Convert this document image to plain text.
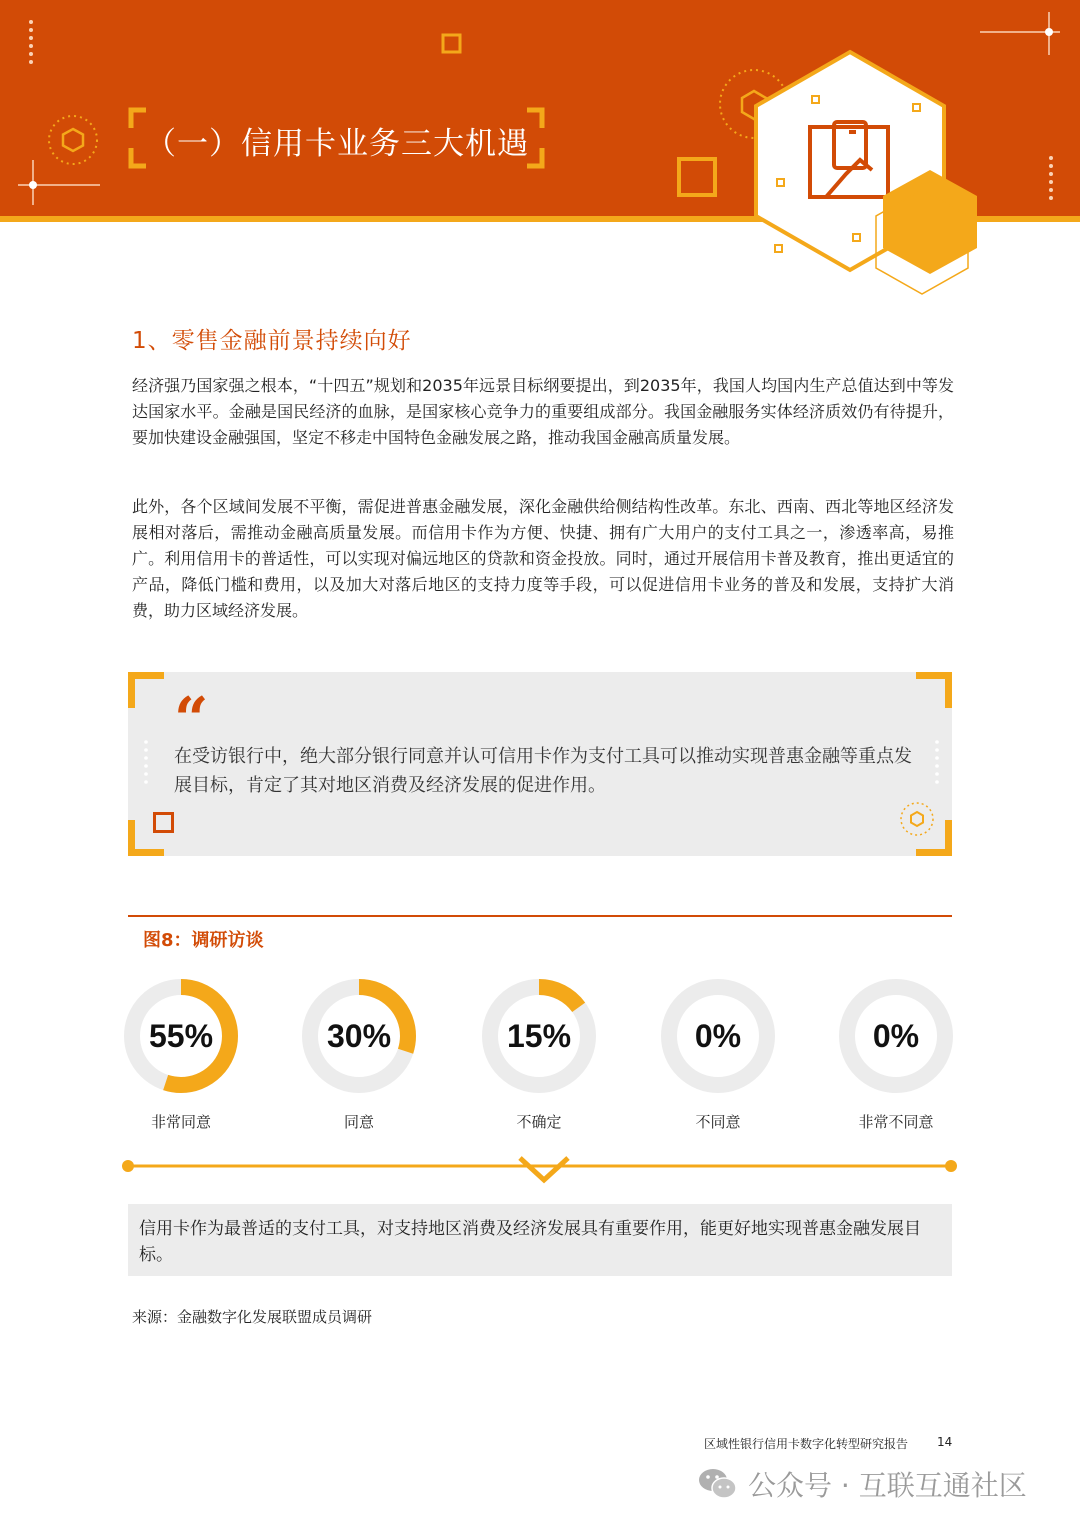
（一）信用卡业务三大机遇
1、零售金融前景持续向好

经济强乃国家强之根本，“十四五”规划和2035年远景目标纲要提出，到2035年，我国人均国内生产总值达到中等发达国家水平。金融是国民经济的血脉，是国家核心竞争力的重要组成部分。我国金融服务实体经济质效仍有待提升，要加快建设金融强国，坚定不移走中国特色金融发展之路，推动我国金融高质量发展。

此外，各个区域间发展不平衡，需促进普惠金融发展，深化金融供给侧结构性改革。东北、西南、西北等地区经济发展相对落后，需推动金融高质量发展。而信用卡作为方便、快捷、拥有广大用户的支付工具之一，渗透率高，易推广。利用信用卡的普适性，可以实现对偏远地区的贷款和资金投放。同时，通过开展信用卡普及教育，推出更适宜的产品，降低门槛和费用，以及加大对落后地区的支持力度等手段，可以促进信用卡业务的普及和发展，支持扩大消费，助力区域经济发展。

“

在受访银行中，绝大部分银行同意并认可信用卡作为支付工具可以推动实现普惠金融等重点发展目标，肯定了其对地区消费及经济发展的促进作用。

图8：调研访谈
55%	30%	15%	0%	0%
非常同意	同意	不确定	不同意	非常不同意

信用卡作为最普适的支付工具，对支持地区消费及经济发展具有重要作用，能更好地实现普惠金融发展目标。

来源：金融数字化发展联盟成员调研
区域性银行信用卡数字化转型研究报告 14
公众号 · 互联互通社区
